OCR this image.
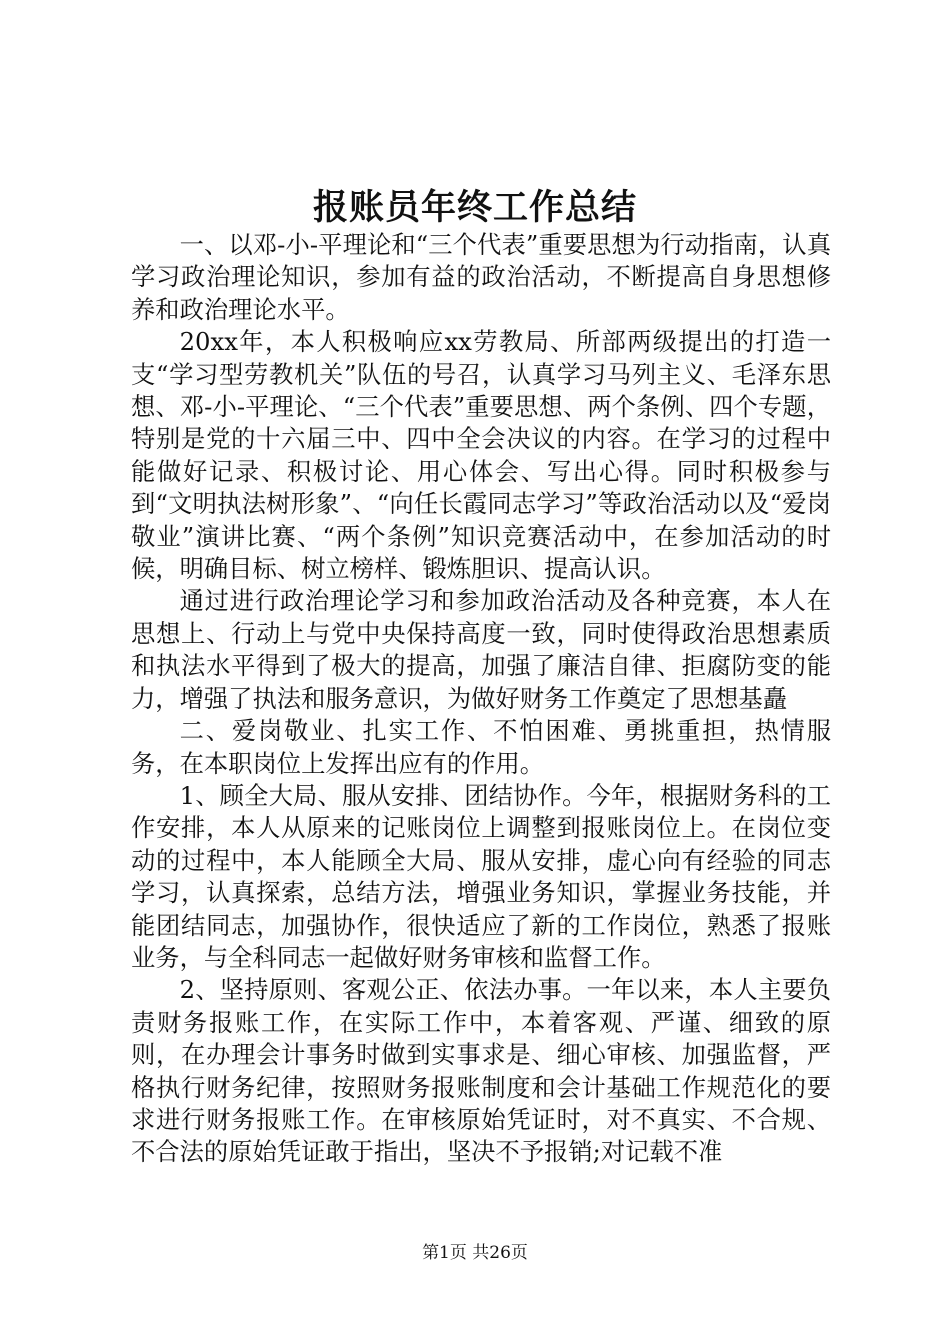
报账员年终工作总结

一、以邓-小-平理论和“三个代表”重要思想为行动指南，认真学习政治理论知识，参加有益的政治活动，不断提高自身思想修养和政治理论水平。

20xx年，本人积极响应xx劳教局、所部两级提出的打造一支“学习型劳教机关”队伍的号召，认真学习马列主义、毛泽东思想、邓-小-平理论、“三个代表”重要思想、两个条例、四个专题，特别是党的十六届三中、四中全会决议的内容。在学习的过程中能做好记录、积极讨论、用心体会、写出心得。同时积极参与到“文明执法树形象”、“向任长霞同志学习”等政治活动以及“爱岗敬业”演讲比赛、“两个条例”知识竞赛活动中，在参加活动的时候，明确目标、树立榜样、锻炼胆识、提高认识。

通过进行政治理论学习和参加政治活动及各种竞赛，本人在思想上、行动上与党中央保持高度一致，同时使得政治思想素质和执法水平得到了极大的提高，加强了廉洁自律、拒腐防变的能力，增强了执法和服务意识，为做好财务工作奠定了思想基矗

二、爱岗敬业、扎实工作、不怕困难、勇挑重担，热情服务，在本职岗位上发挥出应有的作用。

1、顾全大局、服从安排、团结协作。今年，根据财务科的工作安排，本人从原来的记账岗位上调整到报账岗位上。在岗位变动的过程中，本人能顾全大局、服从安排，虚心向有经验的同志学习，认真探索，总结方法，增强业务知识，掌握业务技能，并能团结同志，加强协作，很快适应了新的工作岗位，熟悉了报账业务，与全科同志一起做好财务审核和监督工作。

2、坚持原则、客观公正、依法办事。一年以来，本人主要负责财务报账工作，在实际工作中，本着客观、严谨、细致的原则，在办理会计事务时做到实事求是、细心审核、加强监督，严格执行财务纪律，按照财务报账制度和会计基础工作规范化的要求进行财务报账工作。在审核原始凭证时，对不真实、不合规、不合法的原始凭证敢于指出，坚决不予报销;对记载不准

第1页 共26页
